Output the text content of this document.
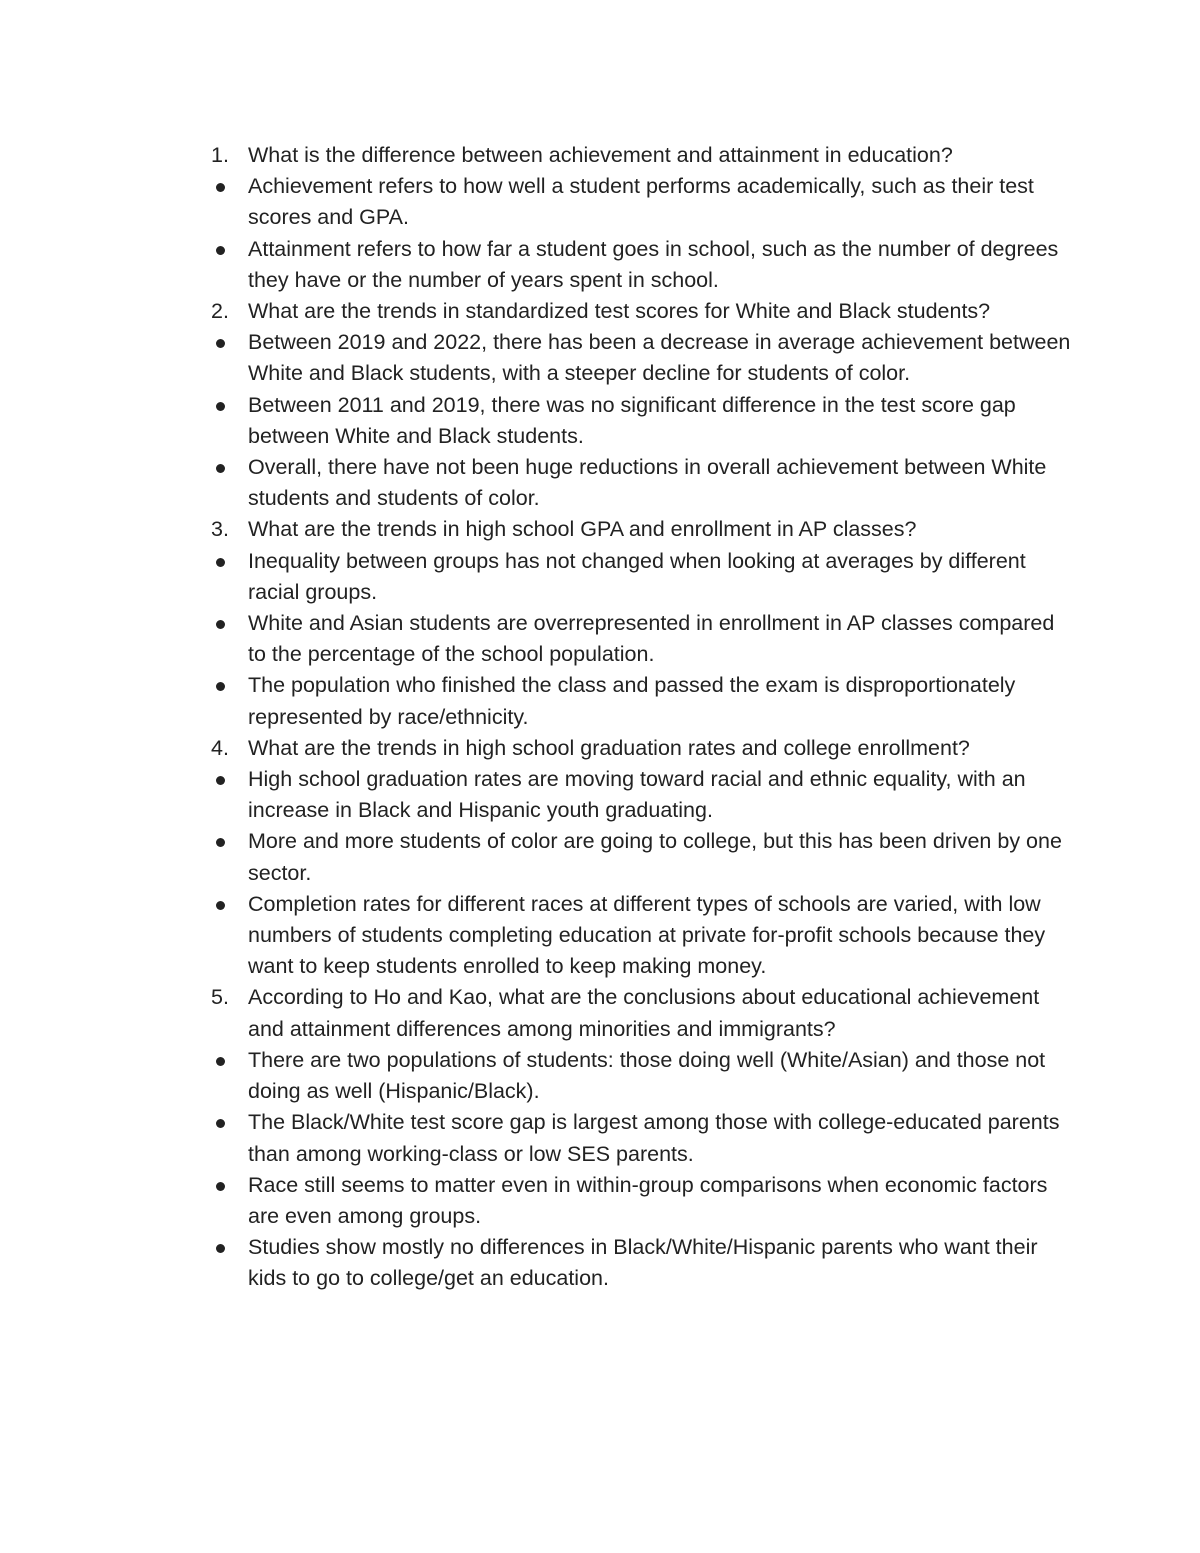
1. What is the difference between achievement and attainment in education?
Achievement refers to how well a student performs academically, such as their test scores and GPA.
Attainment refers to how far a student goes in school, such as the number of degrees they have or the number of years spent in school.
2. What are the trends in standardized test scores for White and Black students?
Between 2019 and 2022, there has been a decrease in average achievement between White and Black students, with a steeper decline for students of color.
Between 2011 and 2019, there was no significant difference in the test score gap between White and Black students.
Overall, there have not been huge reductions in overall achievement between White students and students of color.
3. What are the trends in high school GPA and enrollment in AP classes?
Inequality between groups has not changed when looking at averages by different racial groups.
White and Asian students are overrepresented in enrollment in AP classes compared to the percentage of the school population.
The population who finished the class and passed the exam is disproportionately represented by race/ethnicity.
4. What are the trends in high school graduation rates and college enrollment?
High school graduation rates are moving toward racial and ethnic equality, with an increase in Black and Hispanic youth graduating.
More and more students of color are going to college, but this has been driven by one sector.
Completion rates for different races at different types of schools are varied, with low numbers of students completing education at private for-profit schools because they want to keep students enrolled to keep making money.
5. According to Ho and Kao, what are the conclusions about educational achievement and attainment differences among minorities and immigrants?
There are two populations of students: those doing well (White/Asian) and those not doing as well (Hispanic/Black).
The Black/White test score gap is largest among those with college-educated parents than among working-class or low SES parents.
Race still seems to matter even in within-group comparisons when economic factors are even among groups.
Studies show mostly no differences in Black/White/Hispanic parents who want their kids to go to college/get an education.
